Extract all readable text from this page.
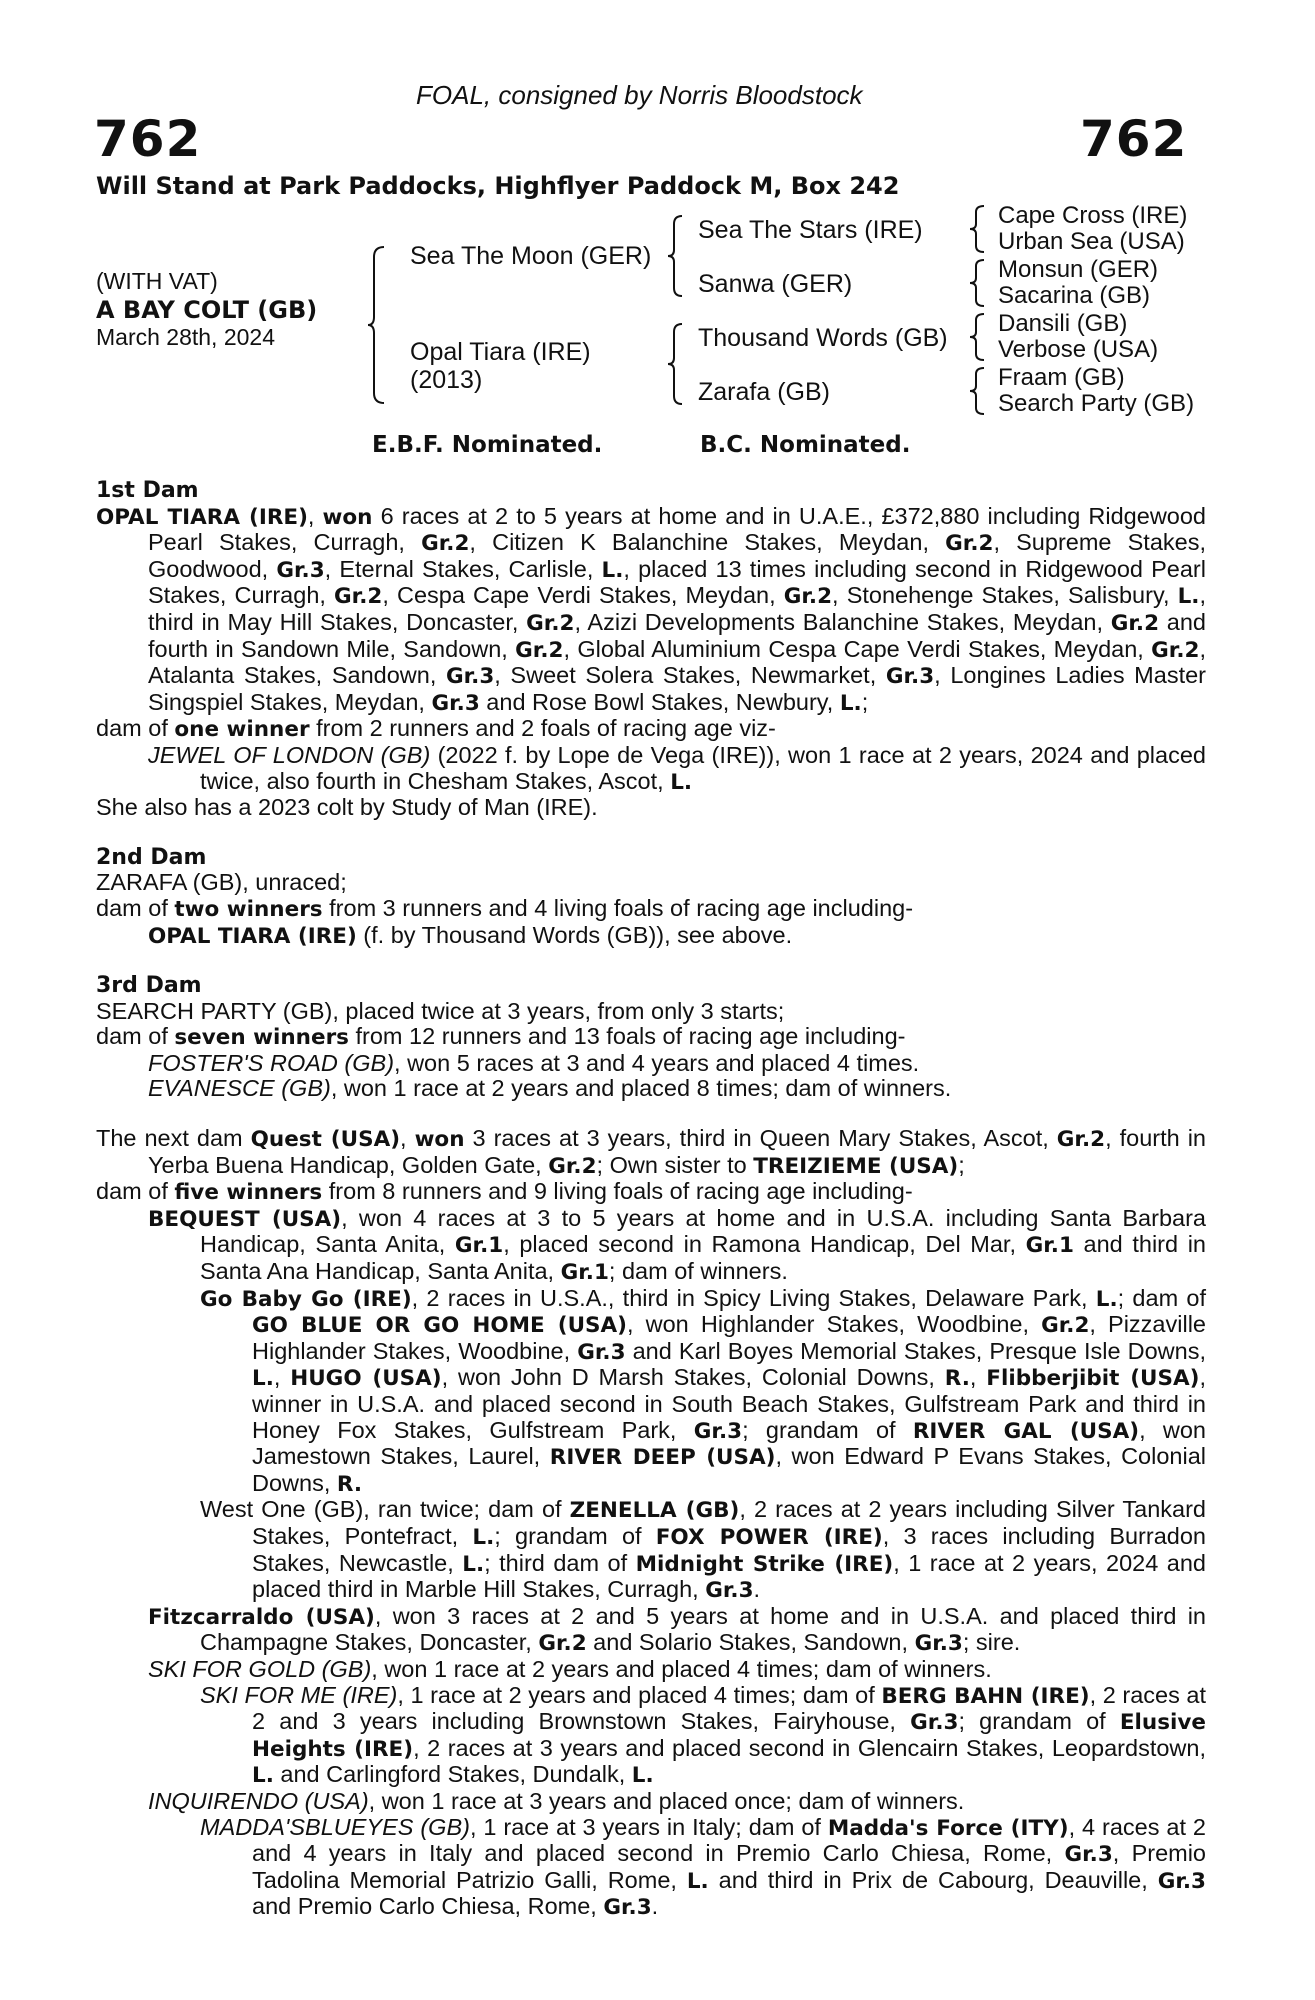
FOAL, consigned by Norris Bloodstock
762	762
Will Stand at Park Paddocks, Highflyer Paddock M, Box 242
(WITH VAT)
A BAY COLT (GB)
March 28th, 2024
Sea The Moon (GER)
Opal Tiara (IRE)
(2013)
Sea The Stars (IRE)
Sanwa (GER)
Thousand Words (GB)
Zarafa (GB)
Cape Cross (IRE)
Urban Sea (USA)
Monsun (GER)
Sacarina (GB)
Dansili (GB)
Verbose (USA)
Fraam (GB)
Search Party (GB)
E.B.F. Nominated.	B.C. Nominated.
1st Dam
OPAL TIARA (IRE), won 6 races at 2 to 5 years at home and in U.A.E., £372,880 including Ridgewood Pearl Stakes, Curragh, Gr.2, Citizen K Balanchine Stakes, Meydan, Gr.2, Supreme Stakes, Goodwood, Gr.3, Eternal Stakes, Carlisle, L., placed 13 times including second in Ridgewood Pearl Stakes, Curragh, Gr.2, Cespa Cape Verdi Stakes, Meydan, Gr.2, Stonehenge Stakes, Salisbury, L., third in May Hill Stakes, Doncaster, Gr.2, Azizi Developments Balanchine Stakes, Meydan, Gr.2 and fourth in Sandown Mile, Sandown, Gr.2, Global Aluminium Cespa Cape Verdi Stakes, Meydan, Gr.2, Atalanta Stakes, Sandown, Gr.3, Sweet Solera Stakes, Newmarket, Gr.3, Longines Ladies Master Singspiel Stakes, Meydan, Gr.3 and Rose Bowl Stakes, Newbury, L.;
dam of one winner from 2 runners and 2 foals of racing age viz-
JEWEL OF LONDON (GB) (2022 f. by Lope de Vega (IRE)), won 1 race at 2 years, 2024 and placed twice, also fourth in Chesham Stakes, Ascot, L.
She also has a 2023 colt by Study of Man (IRE).
2nd Dam
ZARAFA (GB), unraced;
dam of two winners from 3 runners and 4 living foals of racing age including-
OPAL TIARA (IRE) (f. by Thousand Words (GB)), see above.
3rd Dam
SEARCH PARTY (GB), placed twice at 3 years, from only 3 starts;
dam of seven winners from 12 runners and 13 foals of racing age including-
FOSTER'S ROAD (GB), won 5 races at 3 and 4 years and placed 4 times.
EVANESCE (GB), won 1 race at 2 years and placed 8 times; dam of winners.
The next dam Quest (USA), won 3 races at 3 years, third in Queen Mary Stakes, Ascot, Gr.2, fourth in Yerba Buena Handicap, Golden Gate, Gr.2; Own sister to TREIZIEME (USA);
dam of five winners from 8 runners and 9 living foals of racing age including-
BEQUEST (USA), won 4 races at 3 to 5 years at home and in U.S.A. including Santa Barbara Handicap, Santa Anita, Gr.1, placed second in Ramona Handicap, Del Mar, Gr.1 and third in Santa Ana Handicap, Santa Anita, Gr.1; dam of winners.
Go Baby Go (IRE), 2 races in U.S.A., third in Spicy Living Stakes, Delaware Park, L.; dam of GO BLUE OR GO HOME (USA), won Highlander Stakes, Woodbine, Gr.2, Pizzaville Highlander Stakes, Woodbine, Gr.3 and Karl Boyes Memorial Stakes, Presque Isle Downs, L., HUGO (USA), won John D Marsh Stakes, Colonial Downs, R., Flibberjibit (USA), winner in U.S.A. and placed second in South Beach Stakes, Gulfstream Park and third in Honey Fox Stakes, Gulfstream Park, Gr.3; grandam of RIVER GAL (USA), won Jamestown Stakes, Laurel, RIVER DEEP (USA), won Edward P Evans Stakes, Colonial Downs, R.
West One (GB), ran twice; dam of ZENELLA (GB), 2 races at 2 years including Silver Tankard Stakes, Pontefract, L.; grandam of FOX POWER (IRE), 3 races including Burradon Stakes, Newcastle, L.; third dam of Midnight Strike (IRE), 1 race at 2 years, 2024 and placed third in Marble Hill Stakes, Curragh, Gr.3.
Fitzcarraldo (USA), won 3 races at 2 and 5 years at home and in U.S.A. and placed third in Champagne Stakes, Doncaster, Gr.2 and Solario Stakes, Sandown, Gr.3; sire.
SKI FOR GOLD (GB), won 1 race at 2 years and placed 4 times; dam of winners.
SKI FOR ME (IRE), 1 race at 2 years and placed 4 times; dam of BERG BAHN (IRE), 2 races at 2 and 3 years including Brownstown Stakes, Fairyhouse, Gr.3; grandam of Elusive Heights (IRE), 2 races at 3 years and placed second in Glencairn Stakes, Leopardstown, L. and Carlingford Stakes, Dundalk, L.
INQUIRENDO (USA), won 1 race at 3 years and placed once; dam of winners.
MADDA'SBLUEYES (GB), 1 race at 3 years in Italy; dam of Madda's Force (ITY), 4 races at 2 and 4 years in Italy and placed second in Premio Carlo Chiesa, Rome, Gr.3, Premio Tadolina Memorial Patrizio Galli, Rome, L. and third in Prix de Cabourg, Deauville, Gr.3 and Premio Carlo Chiesa, Rome, Gr.3.
